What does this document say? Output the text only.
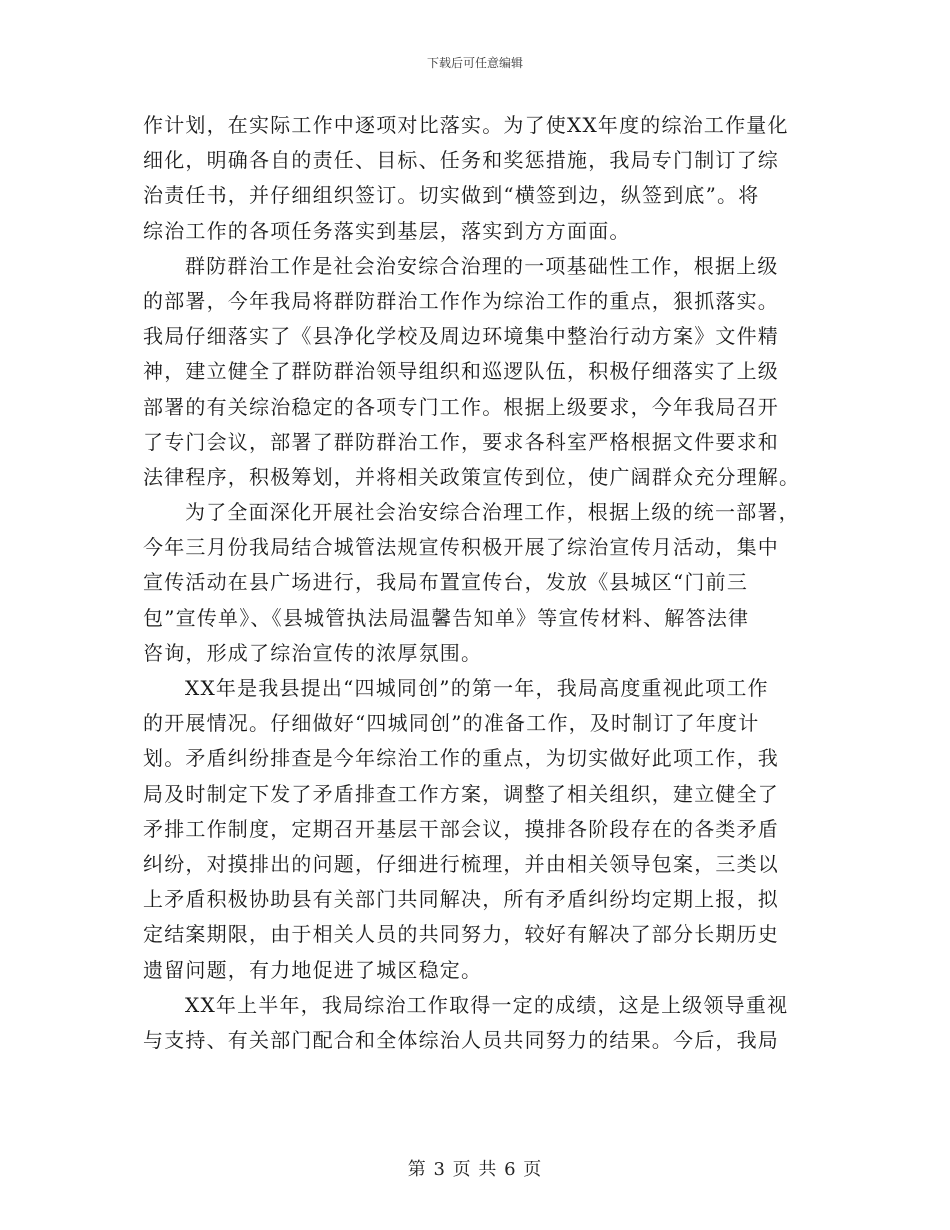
下载后可任意编辑
作计划，在实际工作中逐项对比落实。为了使XX年度的综治工作量化
细化，明确各自的责任、目标、任务和奖惩措施，我局专门制订了综
治责任书，并仔细组织签订。切实做到“横签到边，纵签到底”。将
综治工作的各项任务落实到基层，落实到方方面面。
群防群治工作是社会治安综合治理的一项基础性工作，根据上级
的部署，今年我局将群防群治工作作为综治工作的重点，狠抓落实。
我局仔细落实了《县净化学校及周边环境集中整治行动方案》文件精
神，建立健全了群防群治领导组织和巡逻队伍，积极仔细落实了上级
部署的有关综治稳定的各项专门工作。根据上级要求，今年我局召开
了专门会议，部署了群防群治工作，要求各科室严格根据文件要求和
法律程序，积极筹划，并将相关政策宣传到位，使广阔群众充分理解。
为了全面深化开展社会治安综合治理工作，根据上级的统一部署，
今年三月份我局结合城管法规宣传积极开展了综治宣传月活动，集中
宣传活动在县广场进行，我局布置宣传台，发放《县城区“门前三
包”宣传单》、《县城管执法局温馨告知单》等宣传材料、解答法律
咨询，形成了综治宣传的浓厚氛围。
XX年是我县提出“四城同创”的第一年，我局高度重视此项工作
的开展情况。仔细做好“四城同创”的准备工作，及时制订了年度计
划。矛盾纠纷排查是今年综治工作的重点，为切实做好此项工作，我
局及时制定下发了矛盾排查工作方案，调整了相关组织，建立健全了
矛排工作制度，定期召开基层干部会议，摸排各阶段存在的各类矛盾
纠纷，对摸排出的问题，仔细进行梳理，并由相关领导包案，三类以
上矛盾积极协助县有关部门共同解决，所有矛盾纠纷均定期上报，拟
定结案期限，由于相关人员的共同努力，较好有解决了部分长期历史
遗留问题，有力地促进了城区稳定。
XX年上半年，我局综治工作取得一定的成绩，这是上级领导重视
与支持、有关部门配合和全体综治人员共同努力的结果。今后，我局
第 3 页 共 6 页
